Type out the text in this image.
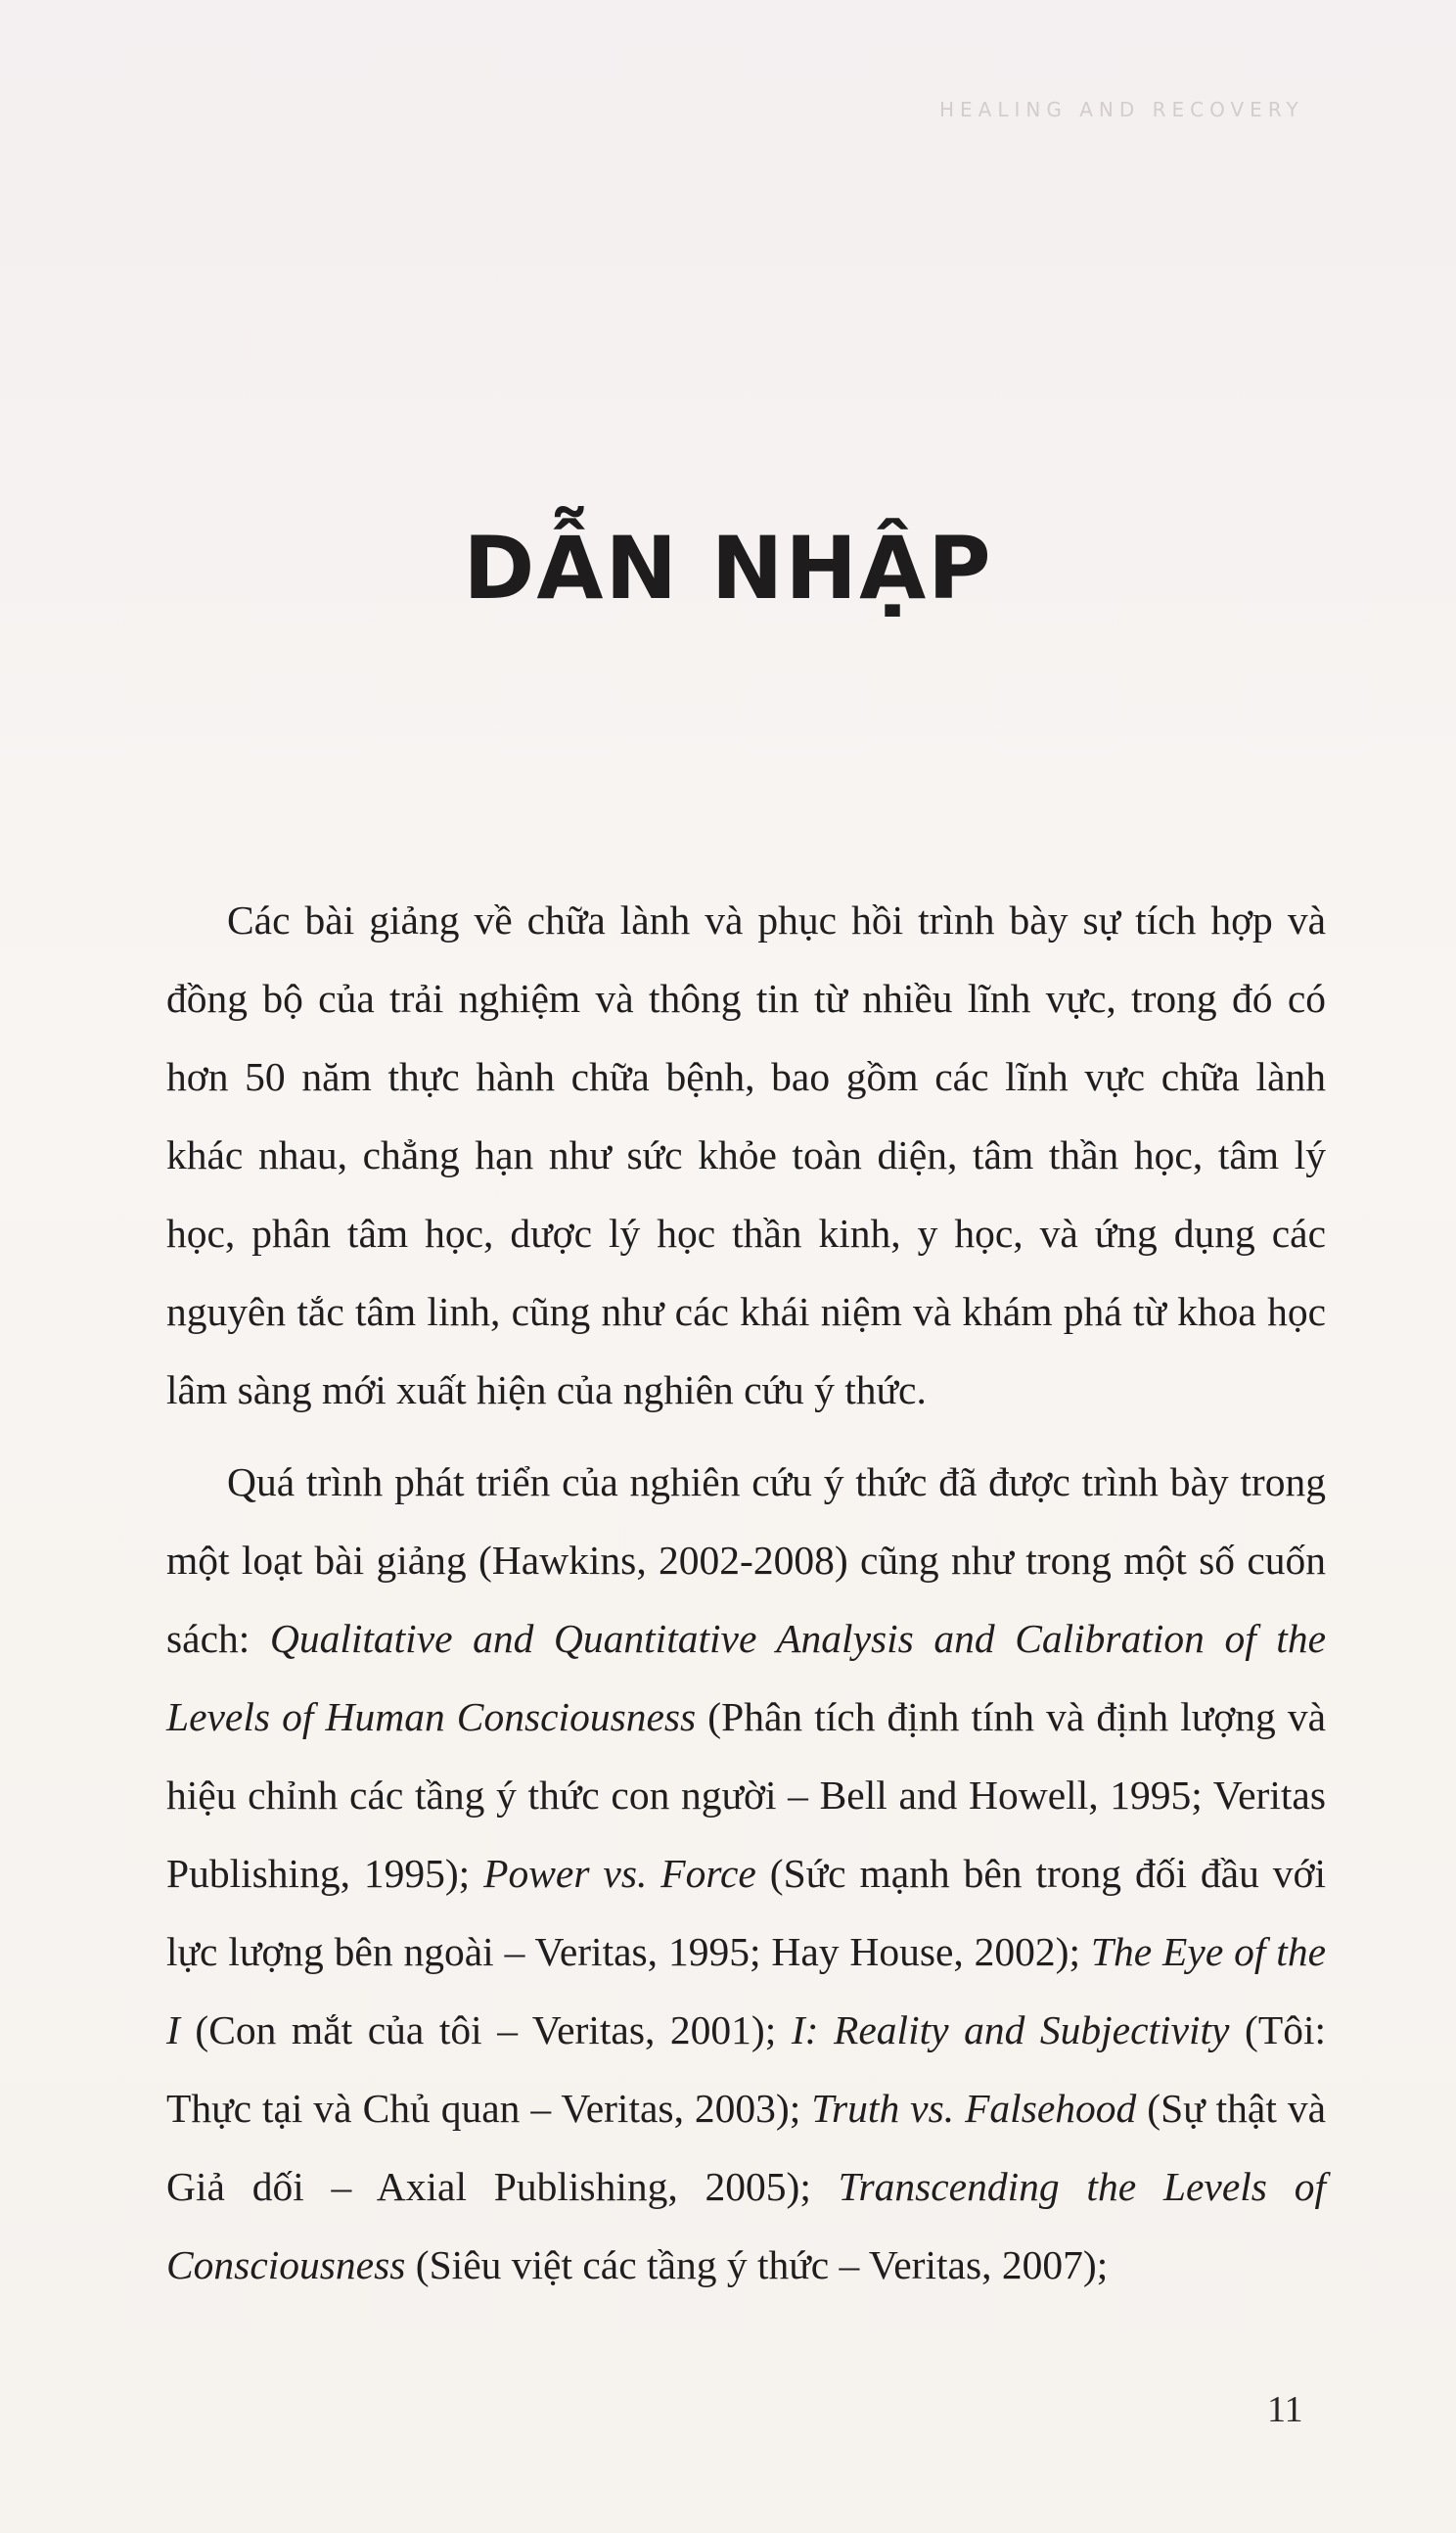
HEALING AND RECOVERY
DẪN NHẬP

Các bài giảng về chữa lành và phục hồi trình bày sự tích hợp và đồng bộ của trải nghiệm và thông tin từ nhiều lĩnh vực, trong đó có hơn 50 năm thực hành chữa bệnh, bao gồm các lĩnh vực chữa lành khác nhau, chẳng hạn như sức khỏe toàn diện, tâm thần học, tâm lý học, phân tâm học, dược lý học thần kinh, y học, và ứng dụng các nguyên tắc tâm linh, cũng như các khái niệm và khám phá từ khoa học lâm sàng mới xuất hiện của nghiên cứu ý thức.

Quá trình phát triển của nghiên cứu ý thức đã được trình bày trong một loạt bài giảng (Hawkins, 2002-2008) cũng như trong một số cuốn sách: Qualitative and Quantitative Analysis and Calibration of the Levels of Human Consciousness (Phân tích định tính và định lượng và hiệu chỉnh các tầng ý thức con người – Bell and Howell, 1995; Veritas Publishing, 1995); Power vs. Force (Sức mạnh bên trong đối đầu với lực lượng bên ngoài – Veritas, 1995; Hay House, 2002); The Eye of the I (Con mắt của tôi – Veritas, 2001); I: Reality and Subjectivity (Tôi: Thực tại và Chủ quan – Veritas, 2003); Truth vs. Falsehood (Sự thật và Giả dối – Axial Publishing, 2005); Transcending the Levels of Consciousness (Siêu việt các tầng ý thức – Veritas, 2007);

11
